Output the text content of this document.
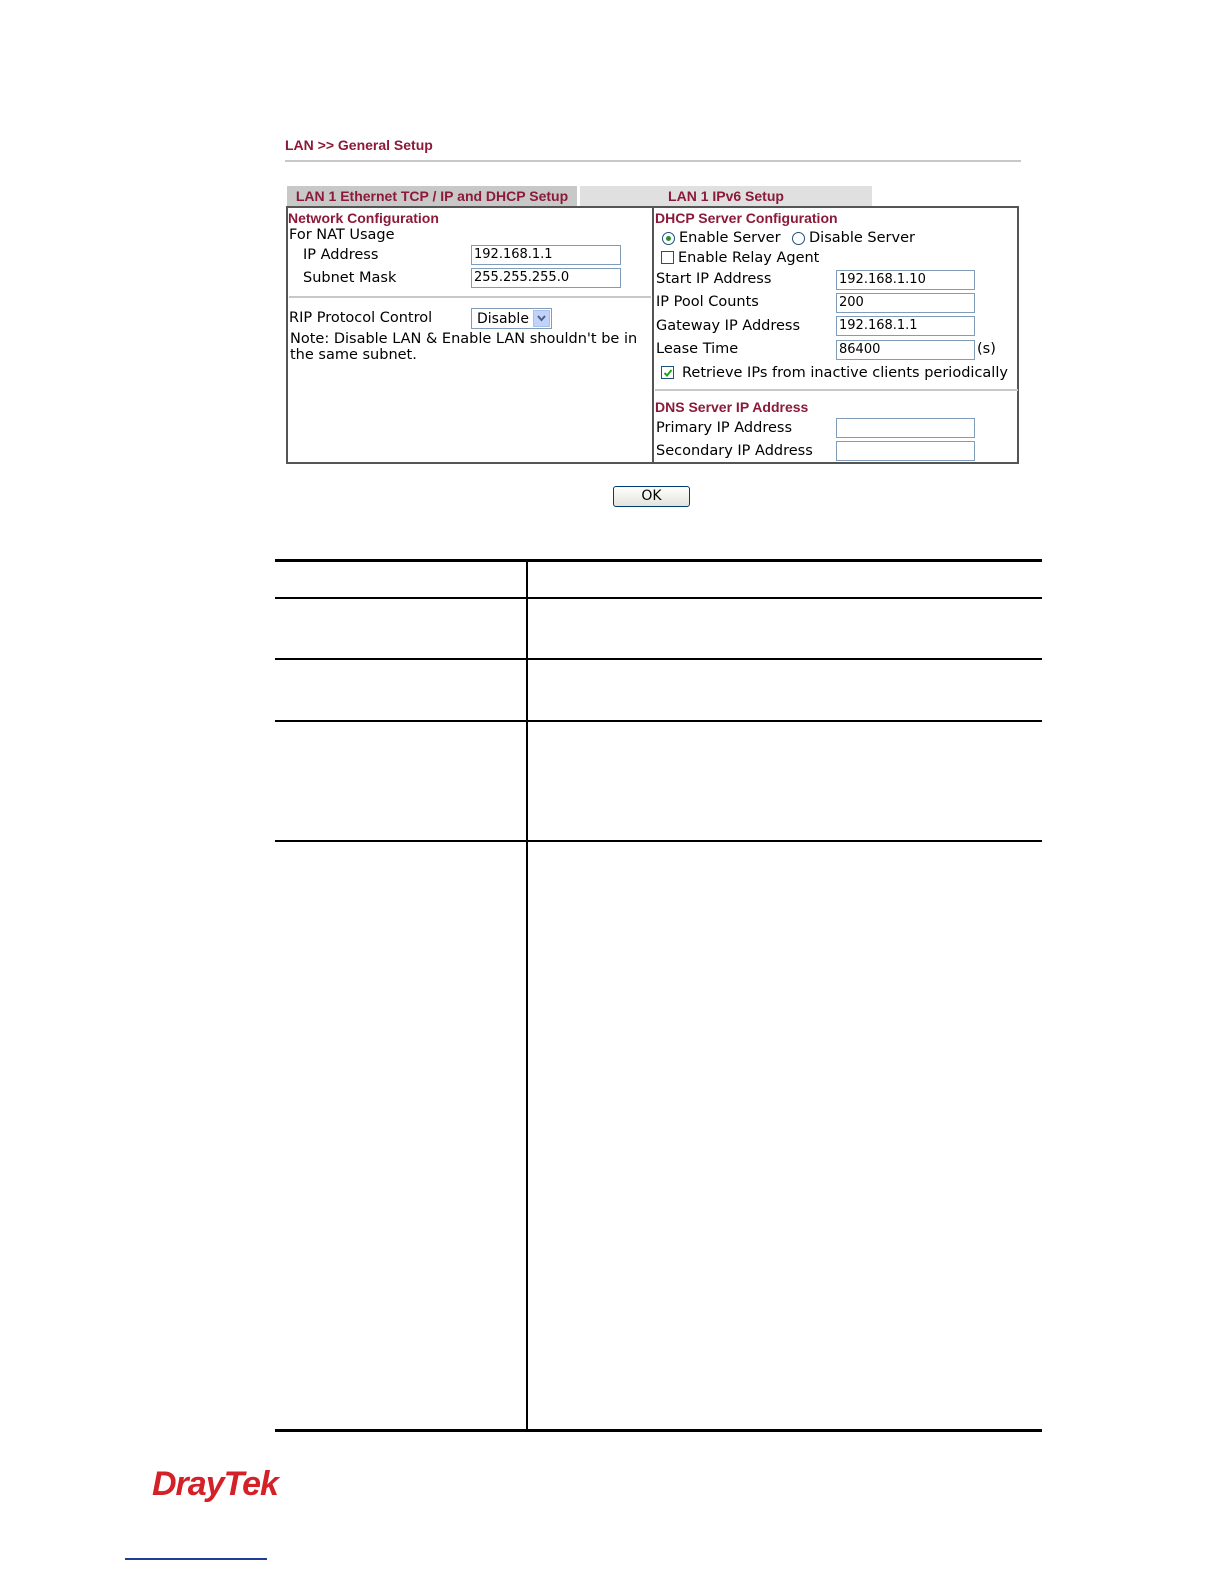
LAN >> General Setup
LAN 1 Ethernet TCP / IP and DHCP Setup	LAN 1 IPv6 Setup
Network Configuration
For NAT Usage
IP Address	192.168.1.1
Subnet Mask	255.255.255.0
RIP Protocol Control	Disable
Note: Disable LAN & Enable LAN shouldn't be in
the same subnet.
DHCP Server Configuration
Enable Server Disable Server
Enable Relay Agent
Start IP Address	192.168.1.10
IP Pool Counts	200
Gateway IP Address	192.168.1.1
Lease Time	86400	(s)
Retrieve IPs from inactive clients periodically
DNS Server IP Address
Primary IP Address
Secondary IP Address
OK
DrayTek
